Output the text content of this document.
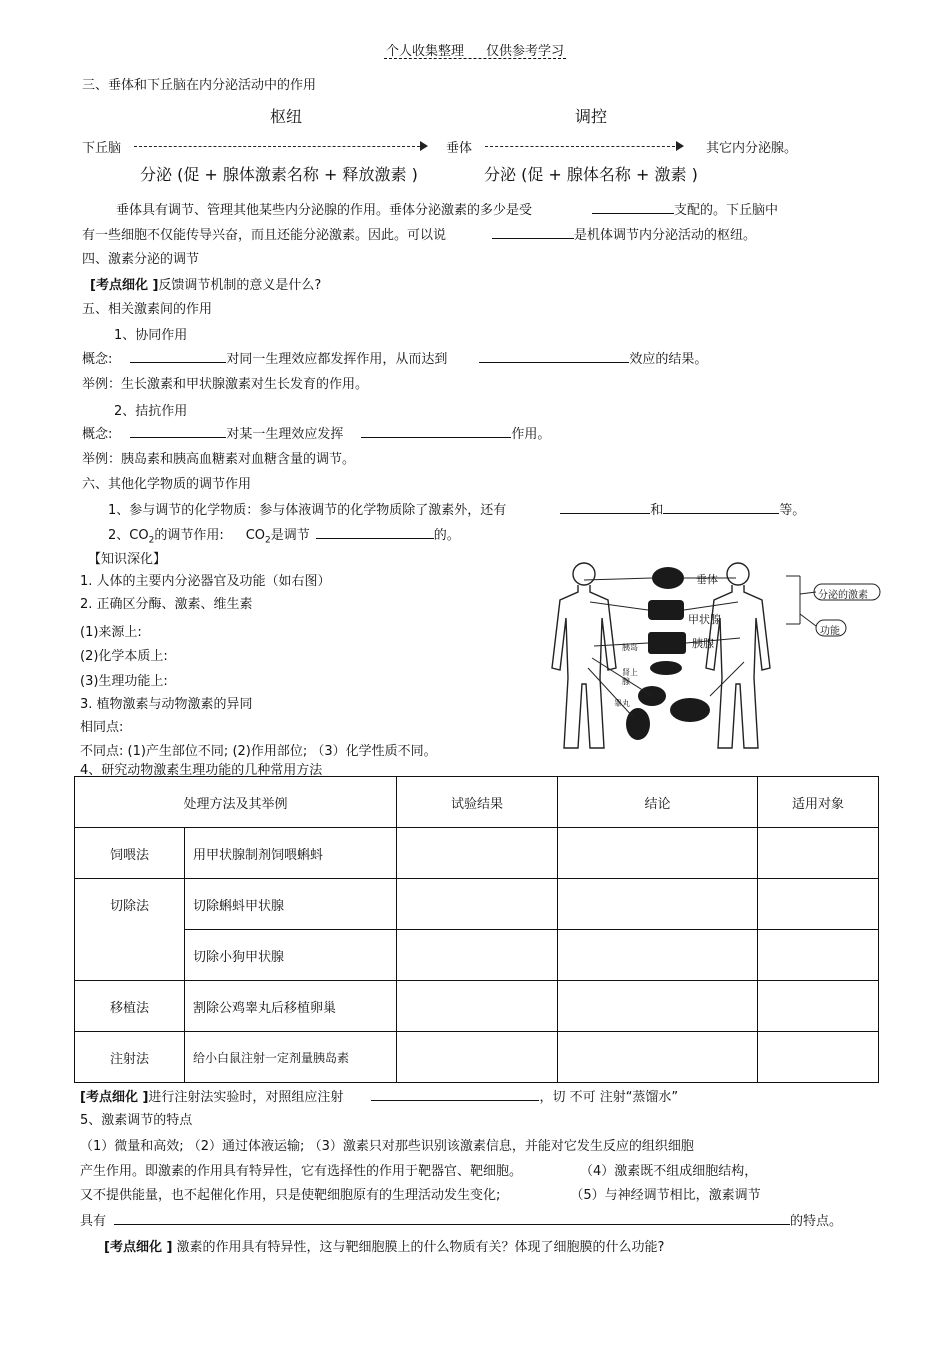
个人收集整理 仅供参考学习
三、垂体和下丘脑在内分泌活动中的作用
枢纽	调控
下丘脑	垂体	其它内分泌腺。
分泌 (促 + 腺体激素名称 + 释放激素 )	分泌 (促 + 腺体名称 + 激素 )
垂体具有调节、管理其他某些内分泌腺的作用。垂体分泌激素的多少是受	支配的。下丘脑中
有一些细胞不仅能传导兴奋，而且还能分泌激素。因此。可以说	是机体调节内分泌活动的枢纽。
四、激素分泌的调节
[考点细化 ]反馈调节机制的意义是什么?
五、相关激素间的作用
1、协同作用
概念:	对同一生理效应都发挥作用，从而达到	效应的结果。
举例：生长激素和甲状腺激素对生长发育的作用。
2、拮抗作用
概念:	对某一生理效应发挥	作用。
举例：胰岛素和胰高血糖素对血糖含量的调节。
六、其他化学物质的调节作用
1、参与调节的化学物质：参与体液调节的化学物质除了激素外，还有	和	等。
2、$CO_2$的调节作用: $CO_2$是调节	的。
【知识深化】
1. 人体的主要内分泌器官及功能（如右图）
2. 正确区分酶、激素、维生素
(1)来源上:
(2)化学本质上:
(3)生理功能上:
3. 植物激素与动物激素的异同
相同点:
不同点: (1)产生部位不同; (2)作用部位; （3）化学性质不同。
4、研究动物激素生理功能的几种常用方法
垂体
甲状腺
胰腺
分泌的激素
功能
胰岛
肾上腺
睾丸
处理方法及其举例		试验结果	结论	适用对象
饲喂法	用甲状腺制剂饲喂蝌蚪			
切除法	切除蝌蚪甲状腺			
	切除小狗甲状腺			
移植法	割除公鸡睾丸后移植卵巢			
注射法	给小白鼠注射一定剂量胰岛素			
[考点细化 ]进行注射法实验时，对照组应注射	，切 不可 注射“蒸馏水”
5、激素调节的特点
（1）微量和高效; （2）通过体液运输; （3）激素只对那些识别该激素信息，并能对它发生反应的组织细胞
产生作用。即激素的作用具有特异性，它有选择性的作用于靶器官、靶细胞。	（4）激素既不组成细胞结构，
又不提供能量，也不起催化作用，只是使靶细胞原有的生理活动发生变化;	（5）与神经调节相比，激素调节
具有	的特点。
[考点细化 ] 激素的作用具有特异性，这与靶细胞膜上的什么物质有关？体现了细胞膜的什么功能?
